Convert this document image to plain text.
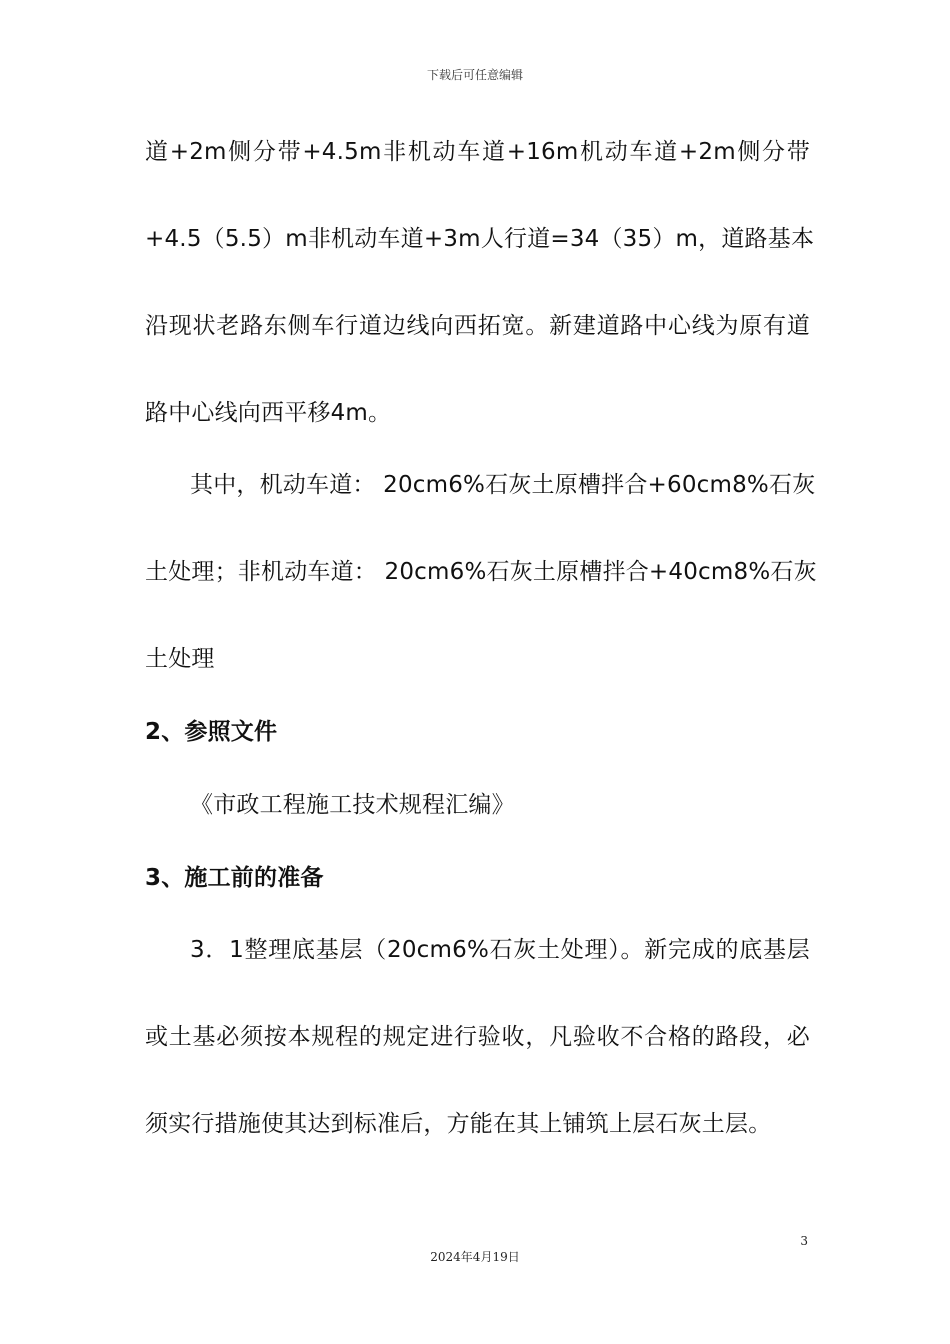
下载后可任意编辑
道+2m侧分带+4.5m非机动车道+16m机动车道+2m侧分带
+4.5（5.5）m非机动车道+3m人行道=34（35）m，道路基本
沿现状老路东侧车行道边线向西拓宽。新建道路中心线为原有道
路中心线向西平移4m。
其中，机动车道： 20cm6%石灰土原槽拌合+60cm8%石灰
土处理；非机动车道： 20cm6%石灰土原槽拌合+40cm8%石灰
土处理
2、参照文件
《市政工程施工技术规程汇编》
3、施工前的准备
3．1整理底基层（20cm6%石灰土处理）。新完成的底基层
或土基必须按本规程的规定进行验收，凡验收不合格的路段，必
须实行措施使其达到标准后，方能在其上铺筑上层石灰土层。
3
2024年4月19日
